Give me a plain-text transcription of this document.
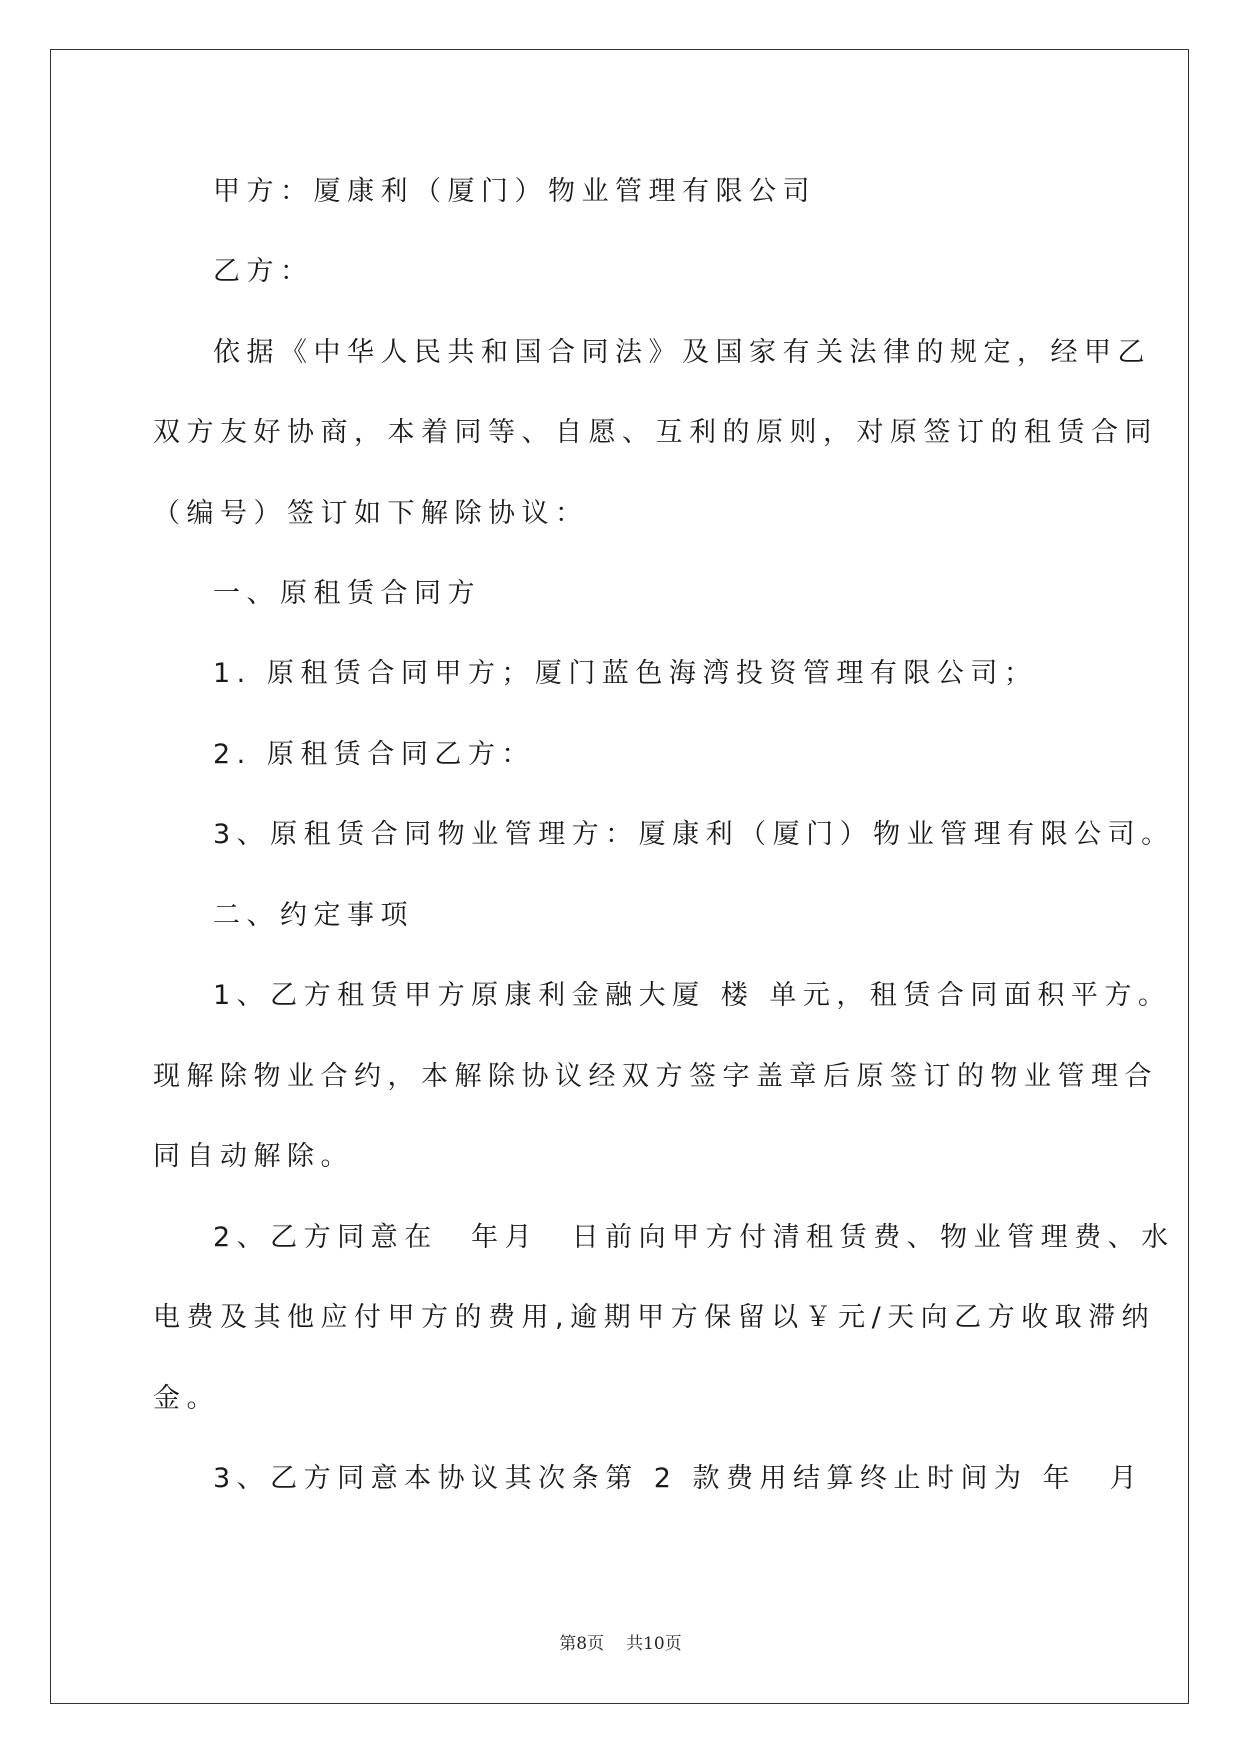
甲方：厦康利（厦门）物业管理有限公司
乙方：
依据《中华人民共和国合同法》及国家有关法律的规定，经甲乙
双方友好协商，本着同等、自愿、互利的原则，对原签订的租赁合同
（编号）签订如下解除协议：
一、原租赁合同方
1. 原租赁合同甲方；厦门蓝色海湾投资管理有限公司；
2. 原租赁合同乙方：
3、原租赁合同物业管理方：厦康利（厦门）物业管理有限公司。
二、约定事项
1、乙方租赁甲方原康利金融大厦 楼 单元，租赁合同面积平方。
现解除物业合约，本解除协议经双方签字盖章后原签订的物业管理合
同自动解除。
2、乙方同意在　年月　日前向甲方付清租赁费、物业管理费、水
电费及其他应付甲方的费用,逾期甲方保留以￥元/天向乙方收取滞纳
金。
3、乙方同意本协议其次条第 2 款费用结算终止时间为 年　月
第8页 共10页
